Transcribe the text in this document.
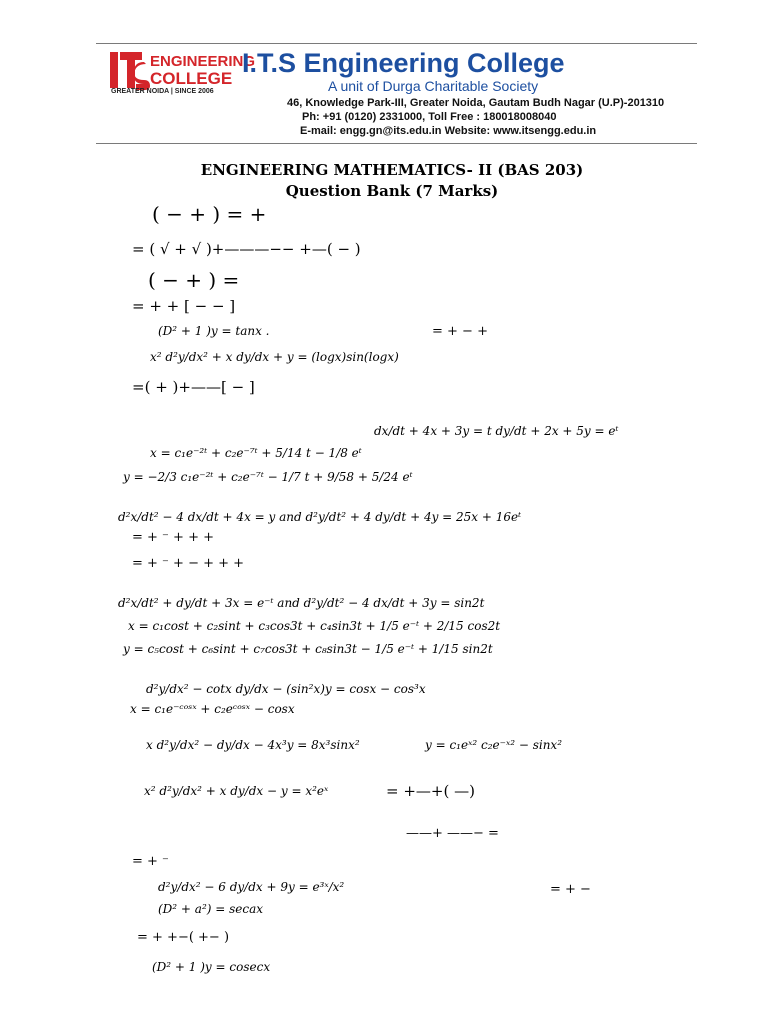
ENGINEERING
COLLEGE
GREATER NOIDA | SINCE 2006
I.T.S Engineering College
A unit of Durga Charitable Society
46, Knowledge Park-III, Greater Noida, Gautam Budh Nagar (U.P)-201310
Ph: +91 (0120) 2331000, Toll Free : 180018008040
E-mail: engg.gn@its.edu.in Website: www.itsengg.edu.in
ENGINEERING MATHEMATICS- II (BAS 203)
Question Bank (7 Marks)
( − + ) = +
= ( √ + √ )+———−− +—( − )
( − + ) =
= + + [ − − ]
(D² + 1 )y = tanx .	= + − +
x² d²y/dx² + x dy/dx + y = (logx)sin(logx)
=( + )+——[ − ]
dx/dt + 4x + 3y = t dy/dt + 2x + 5y = eᵗ
x = c₁e⁻²ᵗ + c₂e⁻⁷ᵗ + 5/14 t − 1/8 eᵗ
y = −2/3 c₁e⁻²ᵗ + c₂e⁻⁷ᵗ − 1/7 t + 9/58 + 5/24 eᵗ
d²x/dt² − 4 dx/dt + 4x = y and d²y/dt² + 4 dy/dt + 4y = 25x + 16eᵗ
= + ⁻ + + +
= + ⁻ + − + + +
d²x/dt² + dy/dt + 3x = e⁻ᵗ and d²y/dt² − 4 dx/dt + 3y = sin2t
x = c₁cost + c₂sint + c₃cos3t + c₄sin3t + 1/5 e⁻ᵗ + 2/15 cos2t
y = c₅cost + c₆sint + c₇cos3t + c₈sin3t − 1/5 e⁻ᵗ + 1/15 sin2t
d²y/dx² − cotx dy/dx − (sin²x)y = cosx − cos³x
x = c₁e⁻ᶜᵒˢˣ + c₂eᶜᵒˢˣ − cosx
x d²y/dx² − dy/dx − 4x³y = 8x³sinx²	y = c₁eˣ² c₂e⁻ˣ² − sinx²
x² d²y/dx² + x dy/dx − y = x²eˣ	= +—+( —)
——+ ——− =
= + ⁻
d²y/dx² − 6 dy/dx + 9y = e³ˣ/x²	= + −
(D² + a²) = secax
= + +−( +− )
(D² + 1 )y = cosecx
